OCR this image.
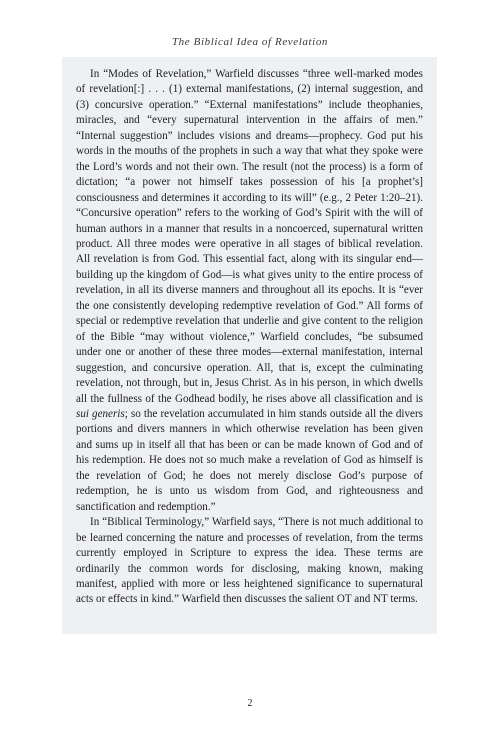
The Biblical Idea of Revelation

In “Modes of Revelation,” Warfield discusses “three well-marked modes of revelation[:] . . . (1) external manifestations, (2) internal suggestion, and (3) concursive operation.” “External manifestations” include theophanies, miracles, and “every supernatural intervention in the affairs of men.” “Internal suggestion” includes visions and dreams—prophecy. God put his words in the mouths of the prophets in such a way that what they spoke were the Lord’s words and not their own. The result (not the process) is a form of dictation; “a power not himself takes possession of his [a prophet’s] consciousness and determines it according to its will” (e.g., 2 Peter 1:20–21). “Concursive operation” refers to the working of God’s Spirit with the will of human authors in a manner that results in a noncoerced, supernatural written product. All three modes were operative in all stages of biblical revelation. All revelation is from God. This essential fact, along with its singular end—building up the kingdom of God—is what gives unity to the entire process of revelation, in all its diverse manners and throughout all its epochs. It is “ever the one consistently developing redemptive revelation of God.” All forms of special or redemptive revelation that underlie and give content to the religion of the Bible “may without violence,” Warfield concludes, “be subsumed under one or another of these three modes—external manifestation, internal suggestion, and concursive operation. All, that is, except the culminating revelation, not through, but in, Jesus Christ. As in his person, in which dwells all the fullness of the Godhead bodily, he rises above all classification and is sui generis; so the revelation accumulated in him stands outside all the divers portions and divers manners in which otherwise revelation has been given and sums up in itself all that has been or can be made known of God and of his redemption. He does not so much make a revelation of God as himself is the revelation of God; he does not merely disclose God’s purpose of redemption, he is unto us wisdom from God, and righteousness and sanctification and redemption.”

In “Biblical Terminology,” Warfield says, “There is not much additional to be learned concerning the nature and processes of revelation, from the terms currently employed in Scripture to express the idea. These terms are ordinarily the common words for disclosing, making known, making manifest, applied with more or less heightened significance to supernatural acts or effects in kind.” Warfield then discusses the salient OT and NT terms.

2
